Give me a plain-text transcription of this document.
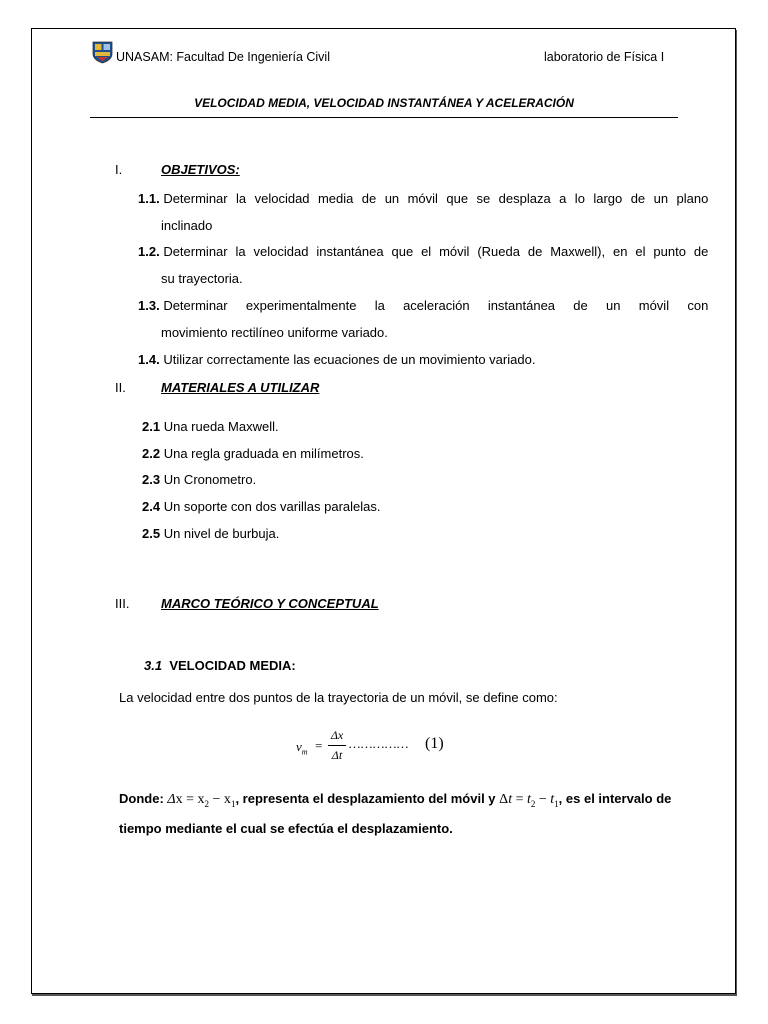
UNASAM: Facultad De Ingeniería Civil	laboratorio de Física I
VELOCIDAD MEDIA, VELOCIDAD INSTANTÁNEA Y ACELERACIÓN
I.	OBJETIVOS:
1.1. Determinar la velocidad media de un móvil que se desplaza a lo largo de un plano
inclinado
1.2. Determinar la velocidad instantánea que el móvil (Rueda de Maxwell), en el punto de
su trayectoria.
1.3. Determinar experimentalmente la aceleración instantánea de un móvil con
movimiento rectilíneo uniforme variado.
1.4. Utilizar correctamente las ecuaciones de un movimiento variado.
II.	MATERIALES A UTILIZAR
2.1 Una rueda Maxwell.
2.2 Una regla graduada en milímetros.
2.3 Un Cronometro.
2.4 Un soporte con dos varillas paralelas.
2.5 Un nivel de burbuja.
III. MARCO TEÓRICO Y CONCEPTUAL
3.1 VELOCIDAD MEDIA:
La velocidad entre dos puntos de la trayectoria de un móvil, se define como:
$v_m$ =
Δx
Δt
…………… (1)
Donde: $\Delta x = x_2 - x_1$, representa el desplazamiento del móvil y $\Delta t = t_2 - t_1$, es el intervalo de
tiempo mediante el cual se efectúa el desplazamiento.
